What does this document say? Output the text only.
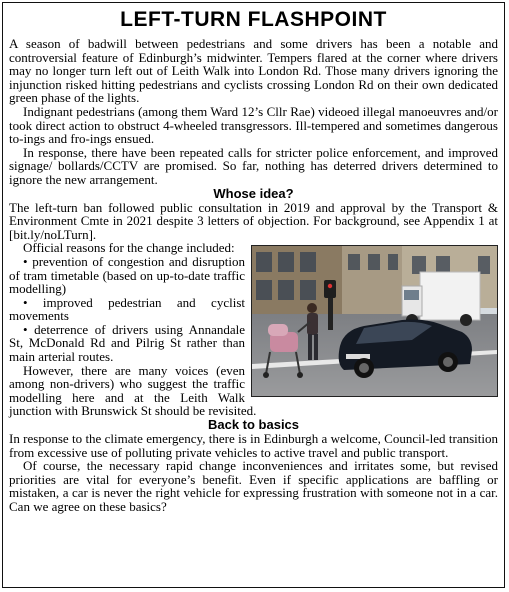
LEFT-TURN FLASHPOINT

A season of badwill between pedestrians and some drivers has been a notable and controversial feature of Edinburgh’s midwinter. Tempers flared at the corner where drivers may no longer turn left out of Leith Walk into London Rd. Those many drivers ignoring the injunction risked hitting pedestrians and cyclists crossing London Rd on their own dedicated green phase of the lights.

Indignant pedestrians (among them Ward 12’s Cllr Rae) videoed illegal manoeuvres and/or took direct action to obstruct 4-wheeled transgressors. Ill-tempered and sometimes dangerous to-ings and fro-ings ensued.

In response, there have been repeated calls for stricter police enforcement, and improved signage/ bollards/CCTV are promised. So far, nothing has deterred drivers determined to ignore the new arrangement.

Whose idea?

The left-turn ban followed public consultation in 2019 and approval by the Transport & Environment Cmte in 2021 despite 3 letters of objection. For background, see Appendix 1 at [bit.ly/noLTurn].

Official reasons for the change included:

• prevention of congestion and disruption of tram timetable (based on up-to-date traffic modelling)

• improved pedestrian and cyclist movements

• deterrence of drivers using Annandale St, McDonald Rd and Pilrig St rather than main arterial routes.

However, there are many voices (even among non-drivers) who suggest the traffic modelling here and at the Leith Walk junction with Brunswick St should be revisited.

Back to basics

In response to the climate emergency, there is in Edinburgh a welcome, Council-led transition from excessive use of polluting private vehicles to active travel and public transport.

Of course, the necessary rapid change inconveniences and irritates some, but revised priorities are vital for everyone’s benefit. Even if specific applications are baffling or mistaken, a car is never the right vehicle for expressing frustration with someone not in a car. Can we agree on these basics?
